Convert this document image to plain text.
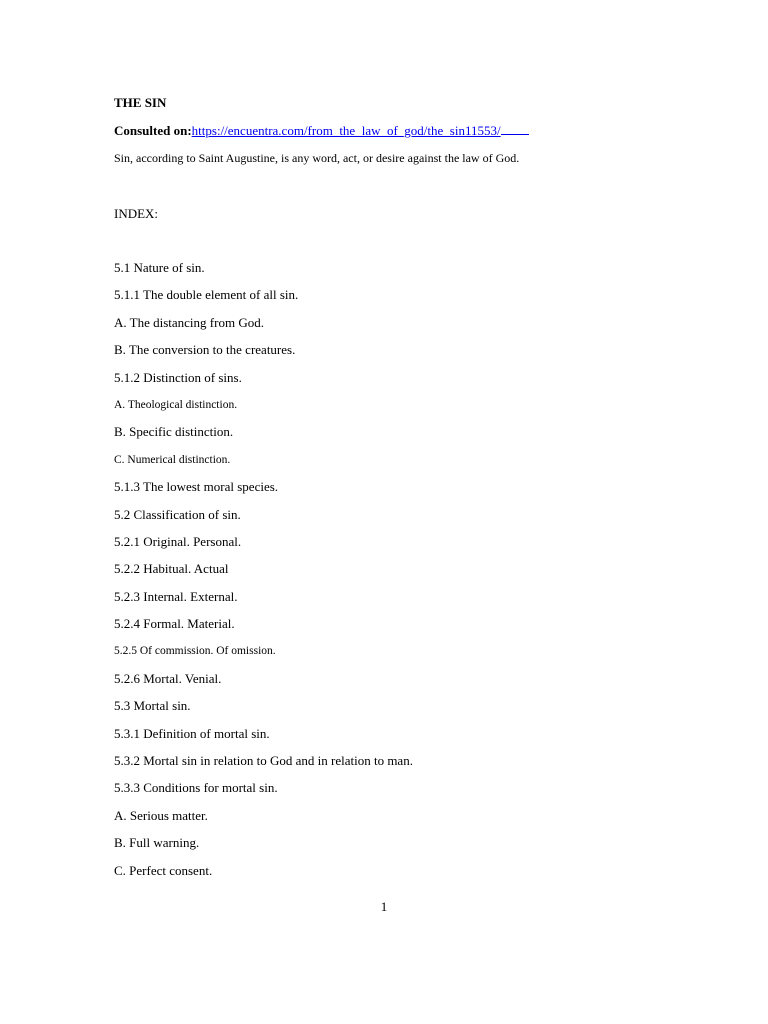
THE SIN
Consulted on:https://encuentra.com/from_the_law_of_god/the_sin11553/
Sin, according to Saint Augustine, is any word, act, or desire against the law of God.
INDEX:
5.1 Nature of sin.
5.1.1 The double element of all sin.
A. The distancing from God.
B. The conversion to the creatures.
5.1.2 Distinction of sins.
A. Theological distinction.
B. Specific distinction.
C. Numerical distinction.
5.1.3 The lowest moral species.
5.2 Classification of sin.
5.2.1 Original. Personal.
5.2.2 Habitual. Actual
5.2.3 Internal. External.
5.2.4 Formal. Material.
5.2.5 Of commission. Of omission.
5.2.6 Mortal. Venial.
5.3 Mortal sin.
5.3.1 Definition of mortal sin.
5.3.2 Mortal sin in relation to God and in relation to man.
5.3.3 Conditions for mortal sin.
A. Serious matter.
B. Full warning.
C. Perfect consent.
1
